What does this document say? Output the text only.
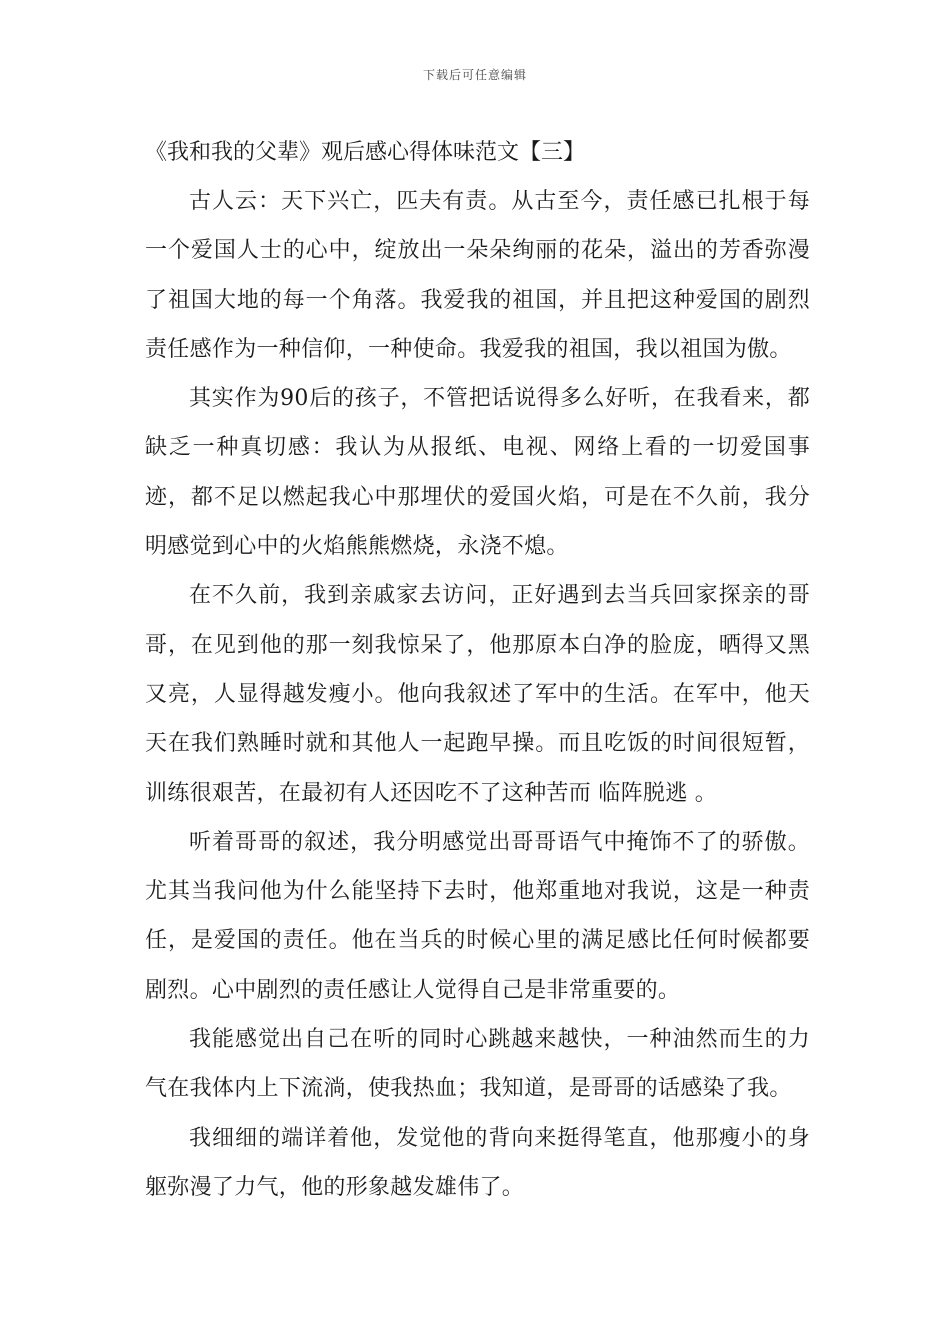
下载后可任意编辑
《我和我的父辈》观后感心得体味范文【三】

古人云：天下兴亡，匹夫有责。从古至今，责任感已扎根于每一个爱国人士的心中，绽放出一朵朵绚丽的花朵，溢出的芳香弥漫了祖国大地的每一个角落。我爱我的祖国，并且把这种爱国的剧烈责任感作为一种信仰，一种使命。我爱我的祖国，我以祖国为傲。

其实作为90后的孩子，不管把话说得多么好听，在我看来，都缺乏一种真切感：我认为从报纸、电视、网络上看的一切爱国事迹，都不足以燃起我心中那埋伏的爱国火焰，可是在不久前，我分明感觉到心中的火焰熊熊燃烧，永浇不熄。

在不久前，我到亲戚家去访问，正好遇到去当兵回家探亲的哥哥，在见到他的那一刻我惊呆了，他那原本白净的脸庞，晒得又黑又亮，人显得越发瘦小。他向我叙述了军中的生活。在军中，他天天在我们熟睡时就和其他人一起跑早操。而且吃饭的时间很短暂，训练很艰苦，在最初有人还因吃不了这种苦而 临阵脱逃 。

听着哥哥的叙述，我分明感觉出哥哥语气中掩饰不了的骄傲。尤其当我问他为什么能坚持下去时，他郑重地对我说，这是一种责任，是爱国的责任。他在当兵的时候心里的满足感比任何时候都要剧烈。心中剧烈的责任感让人觉得自己是非常重要的。

我能感觉出自己在听的同时心跳越来越快，一种油然而生的力气在我体内上下流淌，使我热血；我知道，是哥哥的话感染了我。

我细细的端详着他，发觉他的背向来挺得笔直，他那瘦小的身躯弥漫了力气，他的形象越发雄伟了。
